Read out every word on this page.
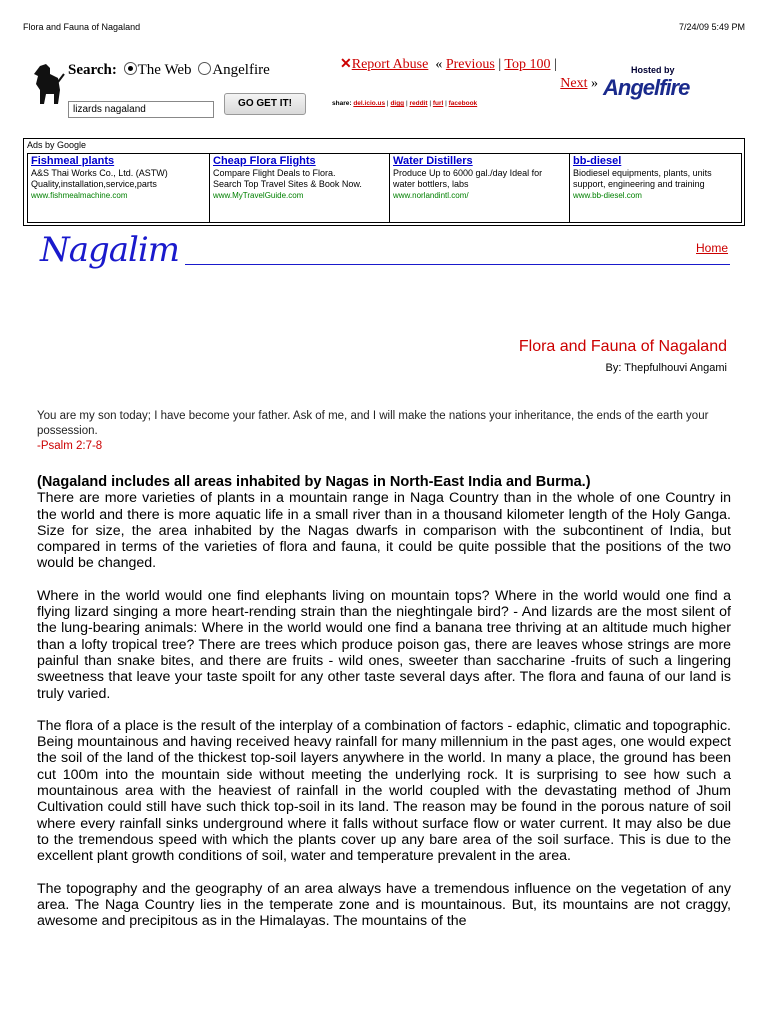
Flora and Fauna of Nagaland	7/24/09 5:49 PM
Search: The Web Angelfire
lizards nagaland
GO GET IT!
✕Report Abuse  « Previous | Top 100 |
Next »
share: del.icio.us | digg | reddit | furl | facebook
Hosted by
Angelfire
Ads by Google
Fishmeal plants
A&S Thai Works Co., Ltd. (ASTW)
Quality,installation,service,parts
www.fishmealmachine.com
Cheap Flora Flights
Compare Flight Deals to Flora.
Search Top Travel Sites & Book Now.
www.MyTravelGuide.com
Water Distillers
Produce Up to 6000 gal./day Ideal for
water bottlers, labs
www.norlandintl.com/
bb-diesel
Biodiesel equipments, plants, units
support, engineering and training
www.bb-diesel.com
Nagalim	Home
Flora and Fauna of Nagaland
By: Thepfulhouvi Angami
You are my son today; I have become your father. Ask of me, and I will make the nations your inheritance, the ends of the earth your possession.
-Psalm 2:7-8

(Nagaland includes all areas inhabited by Nagas in North-East India and Burma.)
There are more varieties of plants in a mountain range in Naga Country than in the whole of one Country in the world and there is more aquatic life in a small river than in a thousand kilometer length of the Holy Ganga. Size for size, the area inhabited by the Nagas dwarfs in comparison with the subcontinent of India, but compared in terms of the varieties of flora and fauna, it could be quite possible that the positions of the two would be changed.

Where in the world would one find elephants living on mountain tops? Where in the world would one find a flying lizard singing a more heart-rending strain than the nieghtingale bird? - And lizards are the most silent of the lung-bearing animals: Where in the world would one find a banana tree thriving at an altitude much higher than a lofty tropical tree? There are trees which produce poison gas, there are leaves whose strings are more painful than snake bites, and there are fruits - wild ones, sweeter than saccharine -fruits of such a lingering sweetness that leave your taste spoilt for any other taste several days after. The flora and fauna of our land is truly varied.

The flora of a place is the result of the interplay of a combination of factors - edaphic, climatic and topographic. Being mountainous and having received heavy rainfall for many millennium in the past ages, one would expect the soil of the land of the thickest top-soil layers anywhere in the world. In many a place, the ground has been cut 100m into the mountain side without meeting the underlying rock. It is surprising to see how such a mountainous area with the heaviest of rainfall in the world coupled with the devastating method of Jhum Cultivation could still have such thick top-soil in its land. The reason may be found in the porous nature of soil where every rainfall sinks underground where it falls without surface flow or water current. It may also be due to the tremendous speed with which the plants cover up any bare area of the soil surface. This is due to the excellent plant growth conditions of soil, water and temperature prevalent in the area.

The topography and the geography of an area always have a tremendous influence on the vegetation of any area. The Naga Country lies in the temperate zone and is mountainous. But, its mountains are not craggy, awesome and precipitous as in the Himalayas. The mountains of the
